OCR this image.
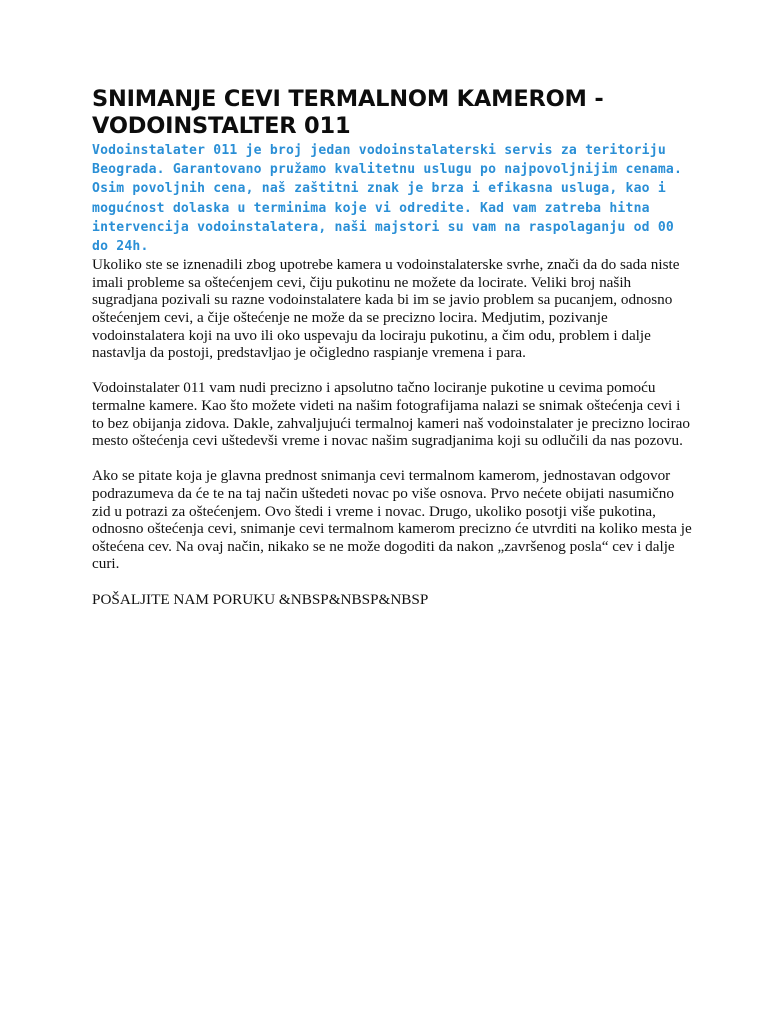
SNIMANJE CEVI TERMALNOM KAMEROM - VODOINSTALTER 011

Vodoinstalater 011 je broj jedan vodoinstalaterski servis za teritoriju Beograda. Garantovano pružamo kvalitetnu uslugu po najpovoljnijim cenama. Osim povoljnih cena, naš zaštitni znak je brza i efikasna usluga, kao i mogućnost dolaska u terminima koje vi odredite. Kad vam zatreba hitna intervencija vodoinstalatera, naši majstori su vam na raspolaganju od 00 do 24h.

Ukoliko ste se iznenadili zbog upotrebe kamera u vodoinstalaterske svrhe, znači da do sada niste imali probleme sa oštećenjem cevi, čiju pukotinu ne možete da locirate. Veliki broj naših sugradjana pozivali su razne vodoinstalatere kada bi im se javio problem sa pucanjem, odnosno oštećenjem cevi, a čije oštećenje ne može da se precizno locira. Medjutim, pozivanje vodoinstalatera koji na uvo ili oko uspevaju da lociraju pukotinu, a čim odu, problem i dalje nastavlja da postoji, predstavljao je očigledno raspianje vremena i para.

Vodoinstalater 011 vam nudi precizno i apsolutno tačno lociranje pukotine u cevima pomoću termalne kamere. Kao što možete videti na našim fotografijama nalazi se snimak oštećenja cevi i to bez obijanja zidova. Dakle, zahvaljujući termalnoj kameri naš vodoinstalater je precizno locirao mesto oštećenja cevi uštedevši vreme i novac našim sugradjanima koji su odlučili da nas pozovu.

Ako se pitate koja je glavna prednost snimanja cevi termalnom kamerom, jednostavan odgovor podrazumeva da će te na taj način uštedeti novac po više osnova. Prvo nećete obijati nasumično zid u potrazi za oštećenjem. Ovo štedi i vreme i novac. Drugo, ukoliko posotji više pukotina, odnosno oštećenja cevi, snimanje cevi termalnom kamerom precizno će utvrditi na koliko mesta je oštećena cev. Na ovaj način, nikako se ne može dogoditi da nakon „završenog posla“ cev i dalje curi.

POŠALJITE NAM PORUKU &NBSP&NBSP&NBSP
